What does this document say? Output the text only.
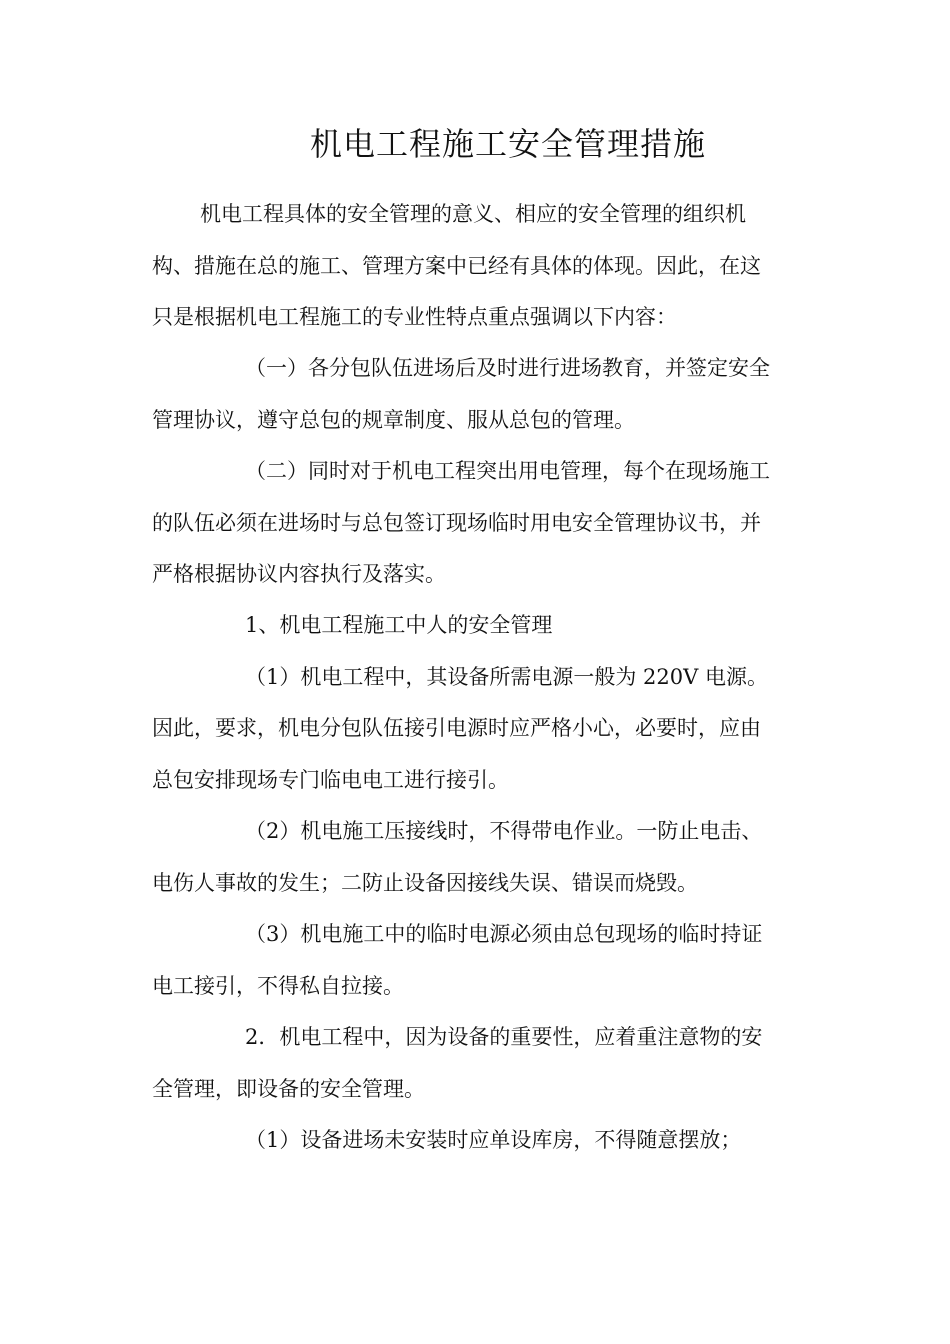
机电工程施工安全管理措施

机电工程具体的安全管理的意义、相应的安全管理的组织机

构、措施在总的施工、管理方案中已经有具体的体现。因此，在这

只是根据机电工程施工的专业性特点重点强调以下内容：

（一）各分包队伍进场后及时进行进场教育，并签定安全

管理协议，遵守总包的规章制度、服从总包的管理。

（二）同时对于机电工程突出用电管理，每个在现场施工

的队伍必须在进场时与总包签订现场临时用电安全管理协议书，并

严格根据协议内容执行及落实。

1、机电工程施工中人的安全管理

（1）机电工程中，其设备所需电源一般为 220V 电源。

因此，要求，机电分包队伍接引电源时应严格小心，必要时，应由

总包安排现场专门临电电工进行接引。

（2）机电施工压接线时，不得带电作业。一防止电击、

电伤人事故的发生；二防止设备因接线失误、错误而烧毁。

（3）机电施工中的临时电源必须由总包现场的临时持证

电工接引，不得私自拉接。

2．机电工程中，因为设备的重要性，应着重注意物的安

全管理，即设备的安全管理。

（1）设备进场未安装时应单设库房，不得随意摆放；
